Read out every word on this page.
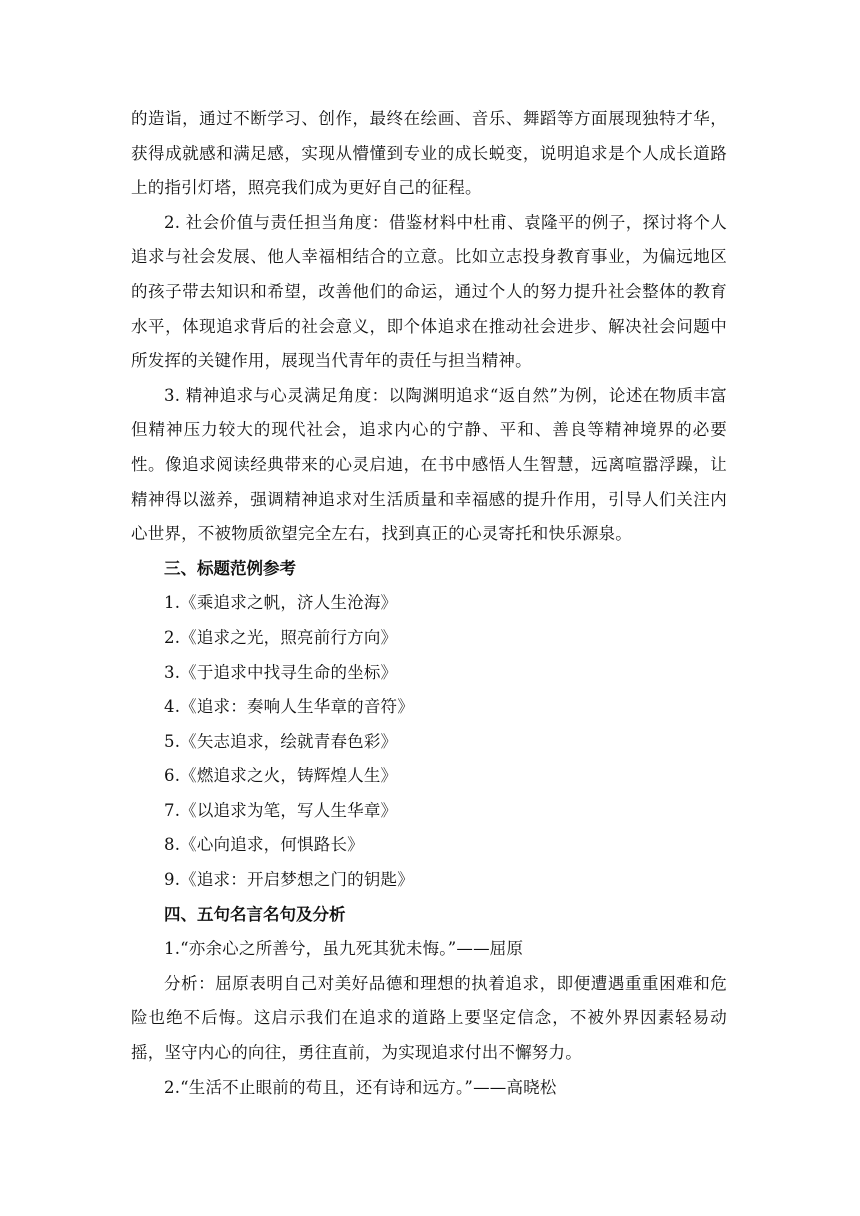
的造诣，通过不断学习、创作，最终在绘画、音乐、舞蹈等方面展现独特才华，获得成就感和满足感，实现从懵懂到专业的成长蜕变，说明追求是个人成长道路上的指引灯塔，照亮我们成为更好自己的征程。

2. 社会价值与责任担当角度：借鉴材料中杜甫、袁隆平的例子，探讨将个人追求与社会发展、他人幸福相结合的立意。比如立志投身教育事业，为偏远地区的孩子带去知识和希望，改善他们的命运，通过个人的努力提升社会整体的教育水平，体现追求背后的社会意义，即个体追求在推动社会进步、解决社会问题中所发挥的关键作用，展现当代青年的责任与担当精神。

3. 精神追求与心灵满足角度：以陶渊明追求“返自然”为例，论述在物质丰富但精神压力较大的现代社会，追求内心的宁静、平和、善良等精神境界的必要性。像追求阅读经典带来的心灵启迪，在书中感悟人生智慧，远离喧嚣浮躁，让精神得以滋养，强调精神追求对生活质量和幸福感的提升作用，引导人们关注内心世界，不被物质欲望完全左右，找到真正的心灵寄托和快乐源泉。

三、标题范例参考
1.《乘追求之帆，济人生沧海》
2.《追求之光，照亮前行方向》
3.《于追求中找寻生命的坐标》
4.《追求：奏响人生华章的音符》
5.《矢志追求，绘就青春色彩》
6.《燃追求之火，铸辉煌人生》
7.《以追求为笔，写人生华章》
8.《心向追求，何惧路长》
9.《追求：开启梦想之门的钥匙》
四、五句名言名句及分析

1.“亦余心之所善兮，虽九死其犹未悔。”——屈原

分析：屈原表明自己对美好品德和理想的执着追求，即便遭遇重重困难和危险也绝不后悔。这启示我们在追求的道路上要坚定信念，不被外界因素轻易动摇，坚守内心的向往，勇往直前，为实现追求付出不懈努力。

2.“生活不止眼前的苟且，还有诗和远方。”——高晓松
